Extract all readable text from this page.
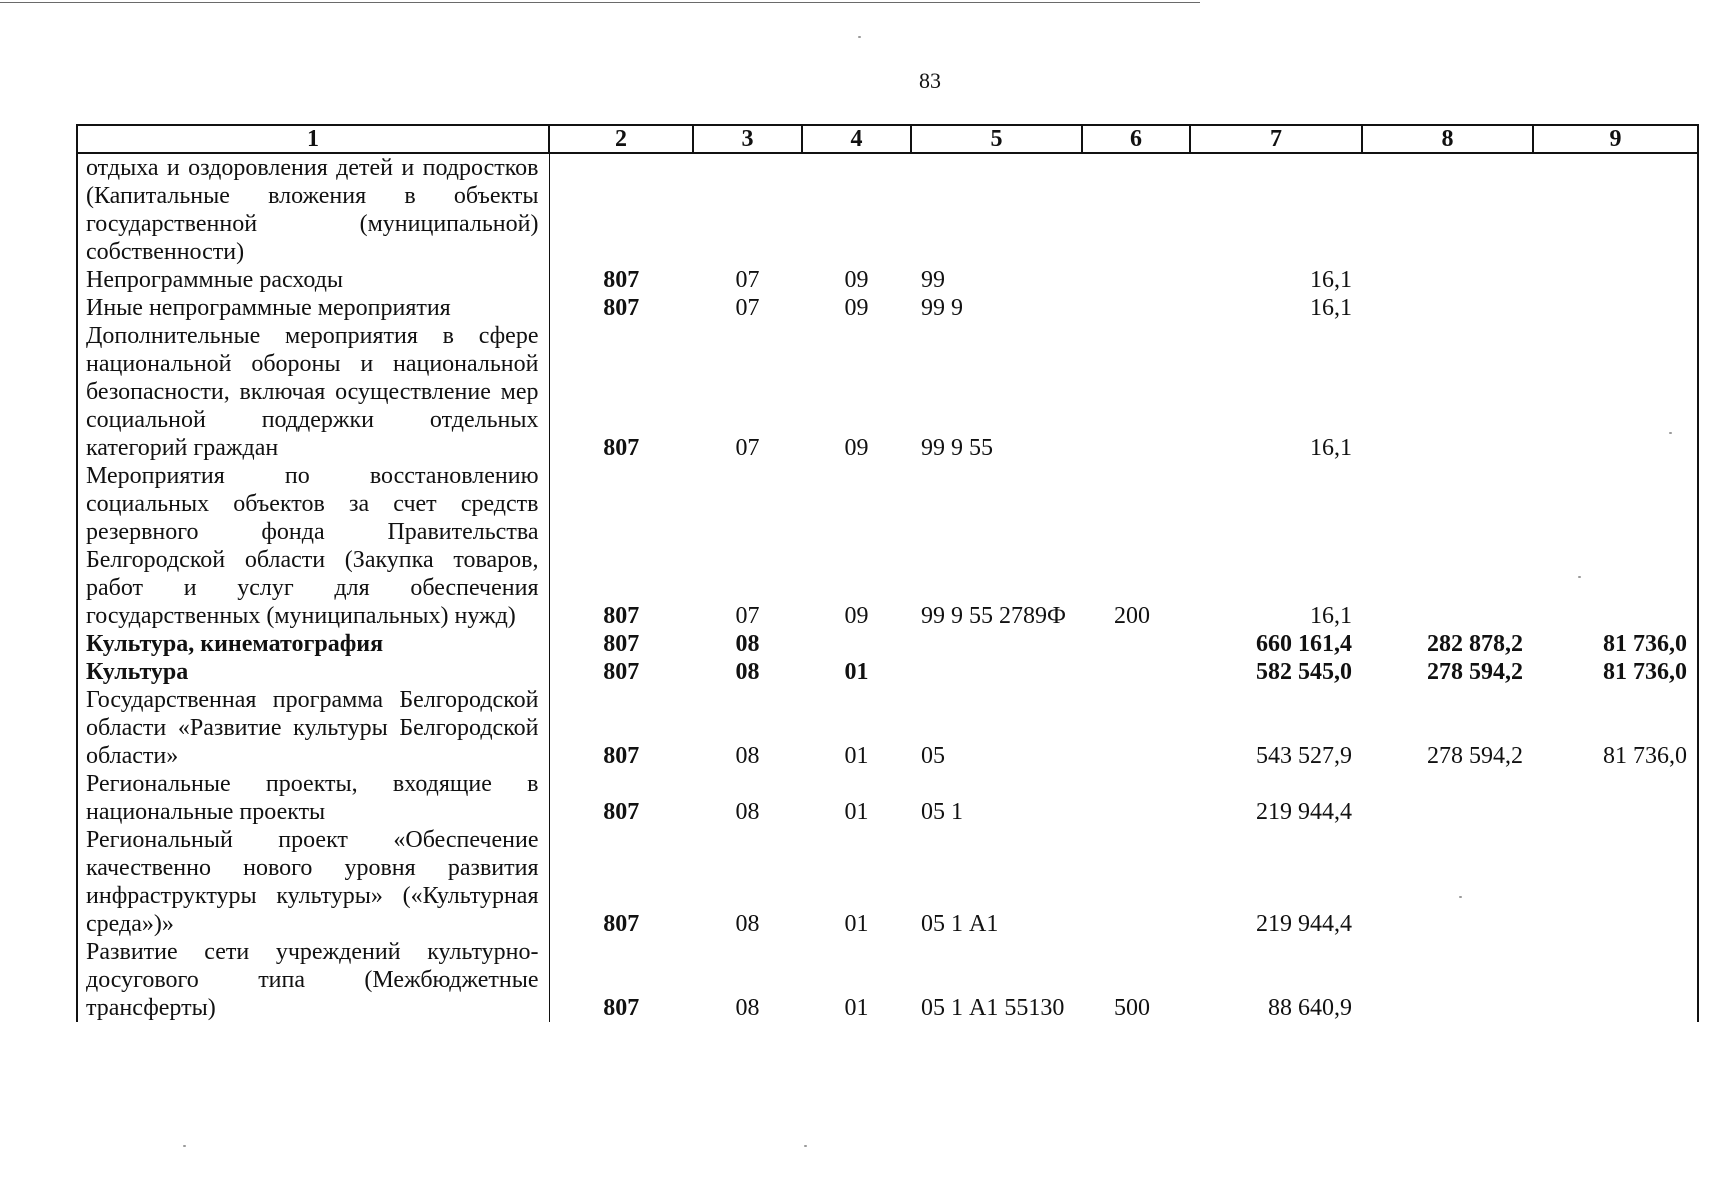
83
1	2	3	4	5	6	7	8	9
отдыха и оздоровления детей и подростков (Капитальные вложения в объекты государственной (муниципальной) собственности)								
Непрограммные расходы	807	07	09	99		16,1		
Иные непрограммные мероприятия	807	07	09	99 9		16,1		
Дополнительные мероприятия в сфере национальной обороны и национальной безопасности, включая осуществление мер социальной поддержки отдельных категорий граждан	807	07	09	99 9 55		16,1		
Мероприятия по восстановлению социальных объектов за счет средств резервного фонда Правительства Белгородской области (Закупка товаров, работ и услуг для обеспечения государственных (муниципальных) нужд)	807	07	09	99 9 55 2789Ф	200	16,1		
Культура, кинематография	807	08				660 161,4	282 878,2	81 736,0
Культура	807	08	01			582 545,0	278 594,2	81 736,0
Государственная программа Белгородской области «Развитие культуры Белгородской области»	807	08	01	05		543 527,9	278 594,2	81 736,0
Региональные проекты, входящие в национальные проекты	807	08	01	05 1		219 944,4		
Региональный проект «Обеспечение качественно нового уровня развития инфраструктуры культуры» («Культурная среда»)»	807	08	01	05 1 А1		219 944,4		
Развитие сети учреждений культурно-досугового типа (Межбюджетные трансферты)	807	08	01	05 1 А1 55130	500	88 640,9		
